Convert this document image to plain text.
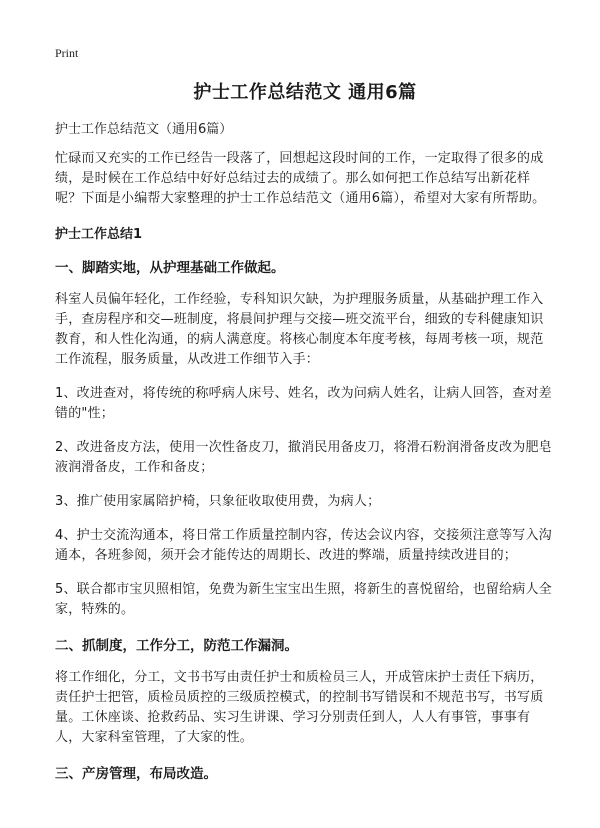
Print
护士工作总结范文 通用6篇
护士工作总结范文（通用6篇）

忙碌而又充实的工作已经告一段落了，回想起这段时间的工作，一定取得了很多的成绩，是时候在工作总结中好好总结过去的成绩了。那么如何把工作总结写出新花样呢？下面是小编帮大家整理的护士工作总结范文（通用6篇），希望对大家有所帮助。

护士工作总结1
一、脚踏实地，从护理基础工作做起。

科室人员偏年轻化，工作经验，专科知识欠缺，为护理服务质量，从基础护理工作入手，查房程序和交—班制度，将晨间护理与交接—班交流平台，细致的专科健康知识教育，和人性化沟通，的病人满意度。将核心制度本年度考核，每周考核一项，规范工作流程，服务质量，从改进工作细节入手：

1、改进查对，将传统的称呼病人床号、姓名，改为问病人姓名，让病人回答，查对差错的"性；

2、改进备皮方法，使用一次性备皮刀，撤消民用备皮刀，将滑石粉润滑备皮改为肥皂液润滑备皮，工作和备皮；

3、推广使用家属陪护椅，只象征收取使用费，为病人；

4、护士交流沟通本，将日常工作质量控制内容，传达会议内容，交接须注意等写入沟通本，各班参阅，须开会才能传达的周期长、改进的弊端，质量持续改进目的；

5、联合都市宝贝照相馆，免费为新生宝宝出生照，将新生的喜悦留给，也留给病人全家，特殊的。

二、抓制度，工作分工，防范工作漏洞。

将工作细化，分工，文书书写由责任护士和质检员三人，开成管床护士责任下病历，责任护士把管，质检员质控的三级质控模式，的控制书写错误和不规范书写，书写质量。工休座谈、抢救药品、实习生讲课、学习分别责任到人，人人有事管，事事有人，大家科室管理，了大家的性。

三、产房管理，布局改造。
